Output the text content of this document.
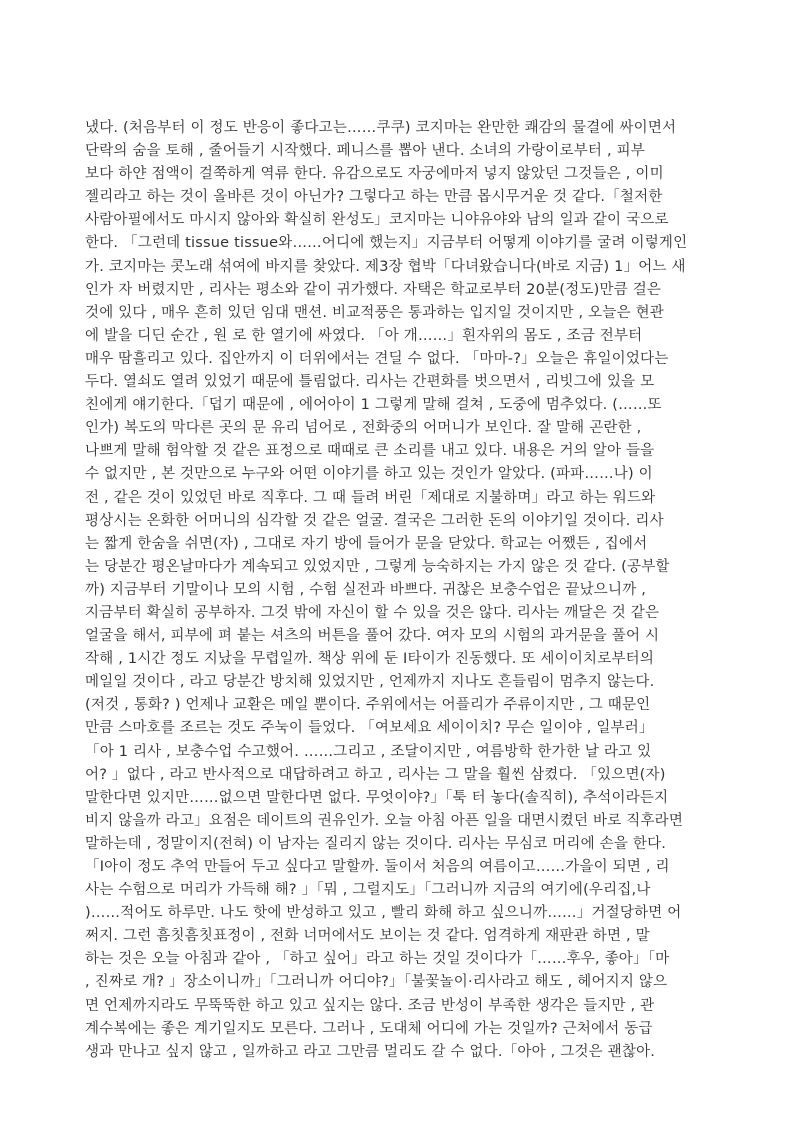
냈다. (처음부터 이 정도 반응이 좋다고는……쿠쿠) 코지마는 완만한 쾌감의 물결에 싸이면서
단락의 숨을 토해 , 줄어들기 시작했다. 페니스를 뽑아 낸다. 소녀의 가랑이로부터 , 피부
보다 하얀 점액이 걸쭉하게 역류 한다. 유감으로도 자궁에마저 넣지 않았던 그것들은 , 이미
젤리라고 하는 것이 올바른 것이 아닌가? 그렇다고 하는 만큼 몹시무거운 것 같다.「철저한
사람아필에서도 마시지 않아와 확실히 완성도」코지마는 니야유야와 남의 일과 같이 국으로
한다. 「그런데 tissue tissue와……어디에 했는지」지금부터 어떻게 이야기를 굴려 이렇게인
가. 코지마는 콧노래 섞여에 바지를 찾았다. 제3장 협박「다녀왔습니다(바로 지금) 1」어느 새
인가 자 버렸지만 , 리사는 평소와 같이 귀가했다. 자택은 학교로부터 20분(정도)만큼 걸은
것에 있다 , 매우 흔히 있던 임대 맨션. 비교적풍은 통과하는 입지일 것이지만 , 오늘은 현관
에 발을 디딘 순간 , 원 로 한 열기에 싸였다. 「아 개……」흰자위의 몸도 , 조금 전부터
매우 땀흘리고 있다. 집안까지 이 더위에서는 견딜 수 없다. 「마마-?」오늘은 휴일이었다는
두다. 열쇠도 열려 있었기 때문에 틀림없다. 리사는 간편화를 벗으면서 , 리빗그에 있을 모
친에게 얘기한다.「덥기 때문에 , 에어아이 1 그렇게 말해 걸쳐 , 도중에 멈추었다. (……또
인가) 복도의 막다른 곳의 문 유리 넘어로 , 전화중의 어머니가 보인다. 잘 말해 곤란한 ,
나쁘게 말해 험악할 것 같은 표정으로 때때로 큰 소리를 내고 있다. 내용은 거의 알아 들을
수 없지만 , 본 것만으로 누구와 어떤 이야기를 하고 있는 것인가 알았다. (파파……나) 이
전 , 같은 것이 있었던 바로 직후다. 그 때 들려 버린「제대로 지불하며」라고 하는 워드와
평상시는 온화한 어머니의 심각할 것 같은 얼굴. 결국은 그러한 돈의 이야기일 것이다. 리사
는 짧게 한숨을 쉬면(자) , 그대로 자기 방에 들어가 문을 닫았다. 학교는 어쨌든 , 집에서
는 당분간 평온날마다가 계속되고 있었지만 , 그렇게 능숙하지는 가지 않은 것 같다. (공부할
까) 지금부터 기말이나 모의 시험 , 수험 실전과 바쁘다. 귀찮은 보충수업은 끝났으니까 ,
지금부터 확실히 공부하자. 그것 밖에 자신이 할 수 있을 것은 않다. 리사는 깨달은 것 같은
얼굴을 해서, 피부에 펴 붙는 셔츠의 버튼을 풀어 갔다. 여자 모의 시험의 과거문을 풀어 시
작해 , 1시간 정도 지났을 무렵일까. 책상 위에 둔 I타이가 진동했다. 또 세이이치로부터의
메일일 것이다 , 라고 당분간 방치해 있었지만 , 언제까지 지나도 흔들림이 멈추지 않는다.
(저것 , 통화? ) 언제나 교환은 메일 뿐이다. 주위에서는 어플리가 주류이지만 , 그 때문인
만큼 스마호를 조르는 것도 주눅이 들었다. 「여보세요 세이이치? 무슨 일이야 , 일부러」
「아 1 리사 , 보충수업 수고했어. ……그리고 , 조달이지만 , 여름방학 한가한 날 라고 있
어? 」없다 , 라고 반사적으로 대답하려고 하고 , 리사는 그 말을 훨씬 삼켰다. 「있으면(자)
말한다면 있지만……없으면 말한다면 없다. 무엇이야?」「툭 터 놓다(솔직히), 추석이라든지
비지 않을까 라고」요점은 데이트의 권유인가. 오늘 아침 아픈 일을 대면시켰던 바로 직후라면
말하는데 , 정말이지(전혀) 이 남자는 질리지 않는 것이다. 리사는 무심코 머리에 손을 한다.
「I아이 정도 추억 만들어 두고 싶다고 말할까. 둘이서 처음의 여름이고……가을이 되면 , 리
사는 수험으로 머리가 가득해 해? 」「뭐 , 그럴지도」「그러니까 지금의 여기에(우리집,나
)……적어도 하루만. 나도 핫에 반성하고 있고 , 빨리 화해 하고 싶으니까……」거절당하면 어
쩌지. 그런 흠칫흠칫표정이 , 전화 너머에서도 보이는 것 같다. 엄격하게 재판관 하면 , 말
하는 것은 오늘 아침과 같아 , 「하고 싶어」라고 하는 것일 것이다가「……후우, 좋아」「마
, 진짜로 개? 」장소이니까」「그러니까 어디야?」「불꽃놀이·리사라고 해도 , 헤어지지 않으
면 언제까지라도 무뚝뚝한 하고 있고 싶지는 않다. 조금 반성이 부족한 생각은 들지만 , 관
계수복에는 좋은 계기일지도 모른다. 그러나 , 도대체 어디에 가는 것일까? 근처에서 동급
생과 만나고 싶지 않고 , 일까하고 라고 그만큼 멀리도 갈 수 없다.「아아 , 그것은 괜찮아.
